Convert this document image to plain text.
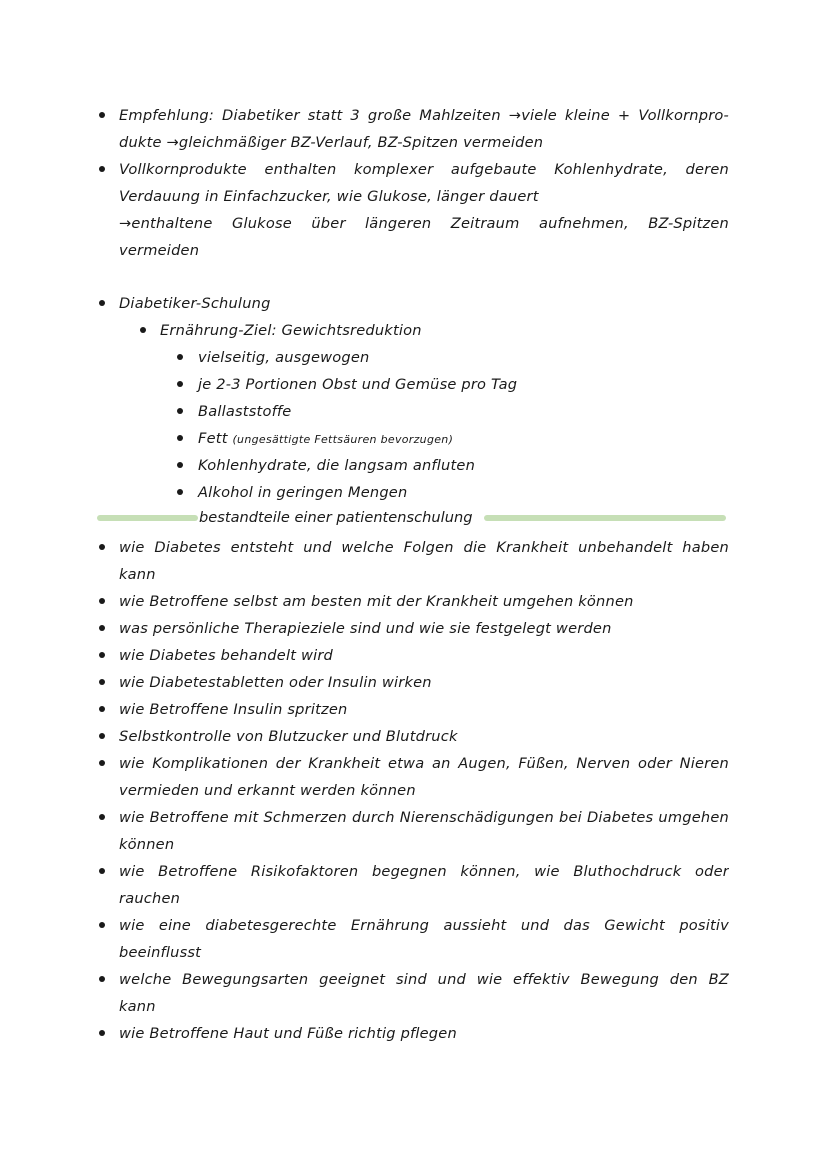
Empfehlung: Diabetiker statt 3 große Mahlzeiten →viele kleine + Vollkornpro-
dukte →gleichmäßiger BZ-Verlauf, BZ-Spitzen vermeiden
Vollkornprodukte enthalten komplexer aufgebaute Kohlenhydrate, deren
Verdauung in Einfachzucker, wie Glukose, länger dauert
→enthaltene Glukose über längeren Zeitraum aufnehmen, BZ-Spitzen
vermeiden
Diabetiker-Schulung
Ernährung-Ziel: Gewichtsreduktion
vielseitig, ausgewogen
je 2-3 Portionen Obst und Gemüse pro Tag
Ballaststoffe
Fett (ungesättigte Fettsäuren bevorzugen)
Kohlenhydrate, die langsam anfluten
Alkohol in geringen Mengen
bestandteile einer patientenschulung
wie Diabetes entsteht und welche Folgen die Krankheit unbehandelt haben
kann
wie Betroffene selbst am besten mit der Krankheit umgehen können
was persönliche Therapieziele sind und wie sie festgelegt werden
wie Diabetes behandelt wird
wie Diabetestabletten oder Insulin wirken
wie Betroffene Insulin spritzen
Selbstkontrolle von Blutzucker und Blutdruck
wie Komplikationen der Krankheit etwa an Augen, Füßen, Nerven oder Nieren
vermieden und erkannt werden können
wie Betroffene mit Schmerzen durch Nierenschädigungen bei Diabetes umgehen
können
wie Betroffene Risikofaktoren begegnen können, wie Bluthochdruck oder
rauchen
wie eine diabetesgerechte Ernährung aussieht und das Gewicht positiv
beeinflusst
welche Bewegungsarten geeignet sind und wie effektiv Bewegung den BZ
kann
wie Betroffene Haut und Füße richtig pflegen
